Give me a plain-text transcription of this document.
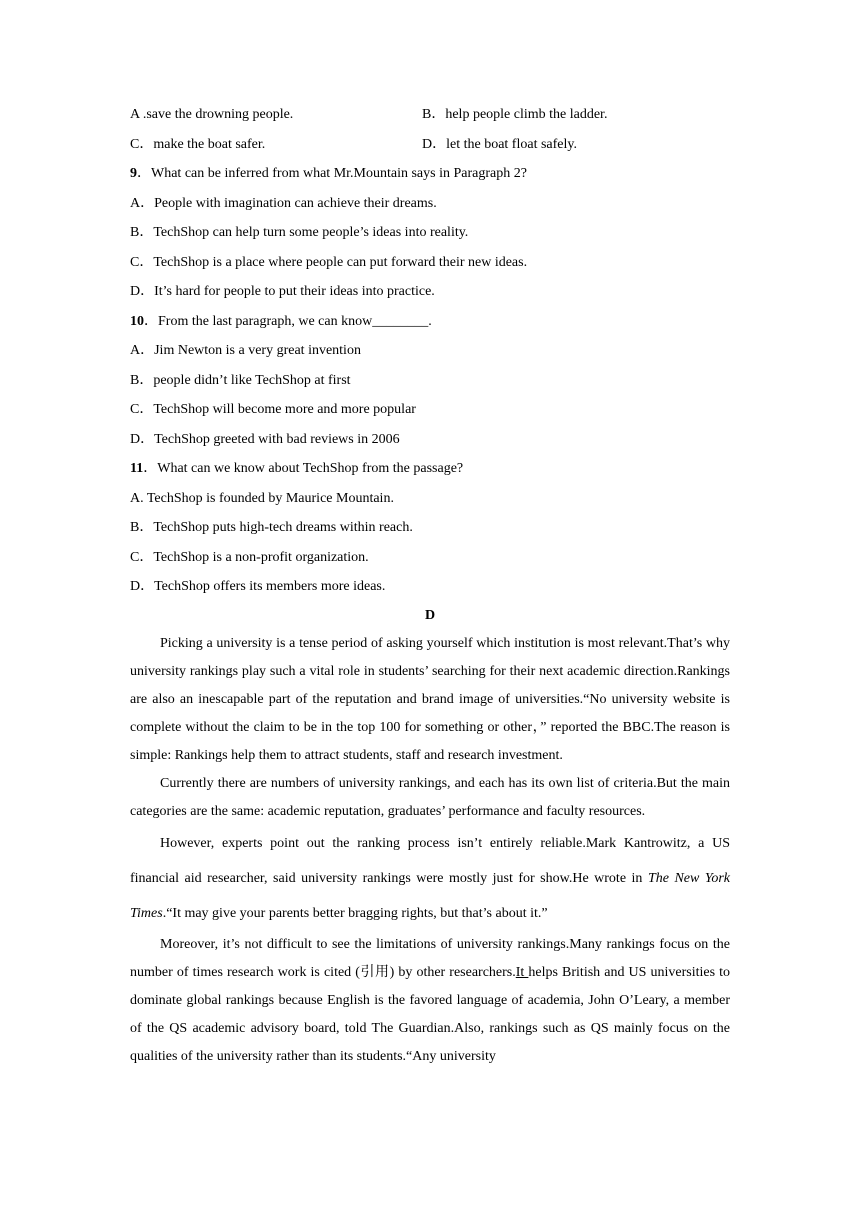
A .save the drowning people.	B．help people climb the ladder.
C．make the boat safer.	D．let the boat float safely.
9．What can be inferred from what Mr.Mountain says in Paragraph 2?
A．People with imagination can achieve their dreams.
B．TechShop can help turn some people’s ideas into reality.
C．TechShop is a place where people can put forward their new ideas.
D．It’s hard for people to put their ideas into practice.
10．From the last paragraph, we can know________.
A．Jim Newton is a very great invention
B．people didn’t like TechShop at first
C．TechShop will become more and more popular
D．TechShop greeted with bad reviews in 2006
11．What can we know about TechShop from the passage?
A. TechShop is founded by Maurice Mountain.
B．TechShop puts high-tech dreams within reach.
C．TechShop is a non-profit organization.
D．TechShop offers its members more ideas.
D
Picking a university is a tense period of asking yourself which institution is most relevant.That’s why university rankings play such a vital role in students’ searching for their next academic direction.Rankings are also an inescapable part of the reputation and brand image of universities.“No university website is complete without the claim to be in the top 100 for something or other，” reported the BBC.The reason is simple: Rankings help them to attract students, staff and research investment.
Currently there are numbers of university rankings, and each has its own list of criteria.But the main categories are the same: academic reputation, graduates’ performance and faculty resources.
However, experts point out the ranking process isn’t entirely reliable.Mark Kantrowitz, a US financial aid researcher, said university rankings were mostly just for show.He wrote in The New York Times.“It may give your parents better bragging rights, but that’s about it.”
Moreover, it’s not difficult to see the limitations of university rankings.Many rankings focus on the number of times research work is cited (引用) by other researchers.It helps British and US universities to dominate global rankings because English is the favored language of academia, John O’Leary, a member of the QS academic advisory board, told The Guardian.Also, rankings such as QS mainly focus on the qualities of the university rather than its students.“Any university
